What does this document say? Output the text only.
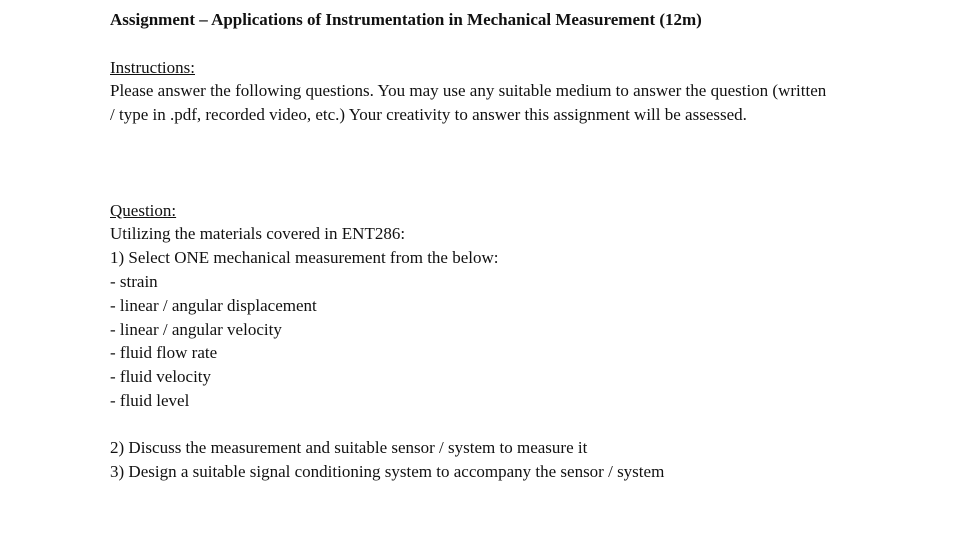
Assignment – Applications of Instrumentation in Mechanical Measurement (12m)
Instructions:
Please answer the following questions. You may use any suitable medium to answer the question (written
/ type in .pdf, recorded video, etc.) Your creativity to answer this assignment will be assessed.
Question:
Utilizing the materials covered in ENT286:
1) Select ONE mechanical measurement from the below:
- strain
- linear / angular displacement
- linear / angular velocity
- fluid flow rate
- fluid velocity
- fluid level
2) Discuss the measurement and suitable sensor / system to measure it
3) Design a suitable signal conditioning system to accompany the sensor / system
